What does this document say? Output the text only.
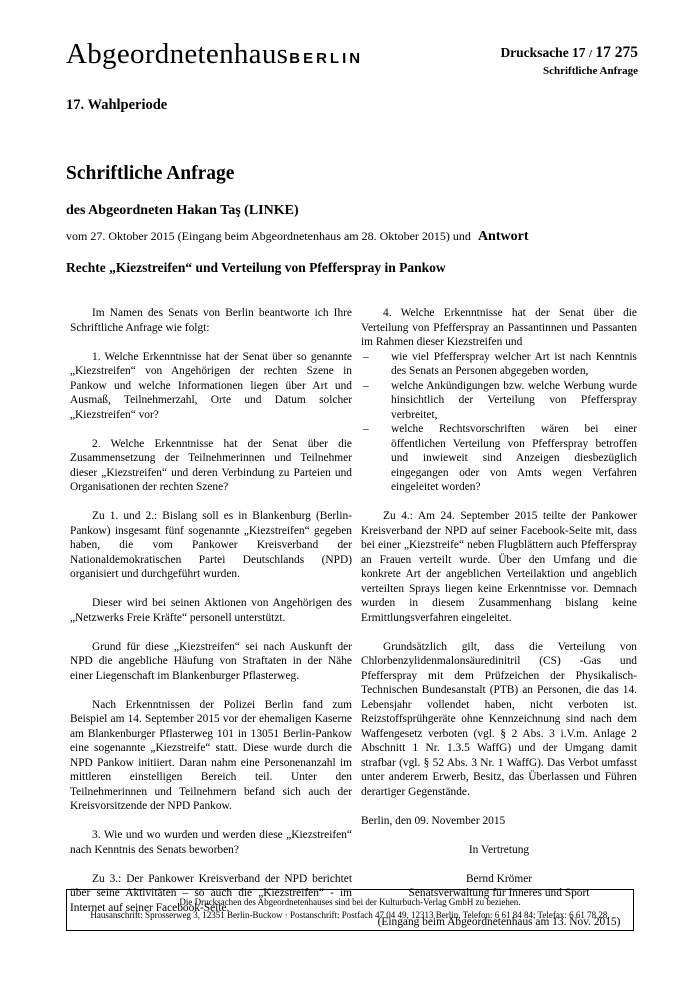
AbgeordnetenhausBERLIN	Drucksache 17 / 17 275
Schriftliche Anfrage
17. Wahlperiode
Schriftliche Anfrage
des Abgeordneten Hakan Taş (LINKE)
vom 27. Oktober 2015 (Eingang beim Abgeordnetenhaus am 28. Oktober 2015) und Antwort
Rechte „Kiezstreifen“ und Verteilung von Pfefferspray in Pankow

Im Namen des Senats von Berlin beantworte ich Ihre Schriftliche Anfrage wie folgt:

1. Welche Erkenntnisse hat der Senat über so genannte „Kiezstreifen“ von Angehörigen der rechten Szene in Pankow und welche Informationen liegen über Art und Ausmaß, Teilnehmerzahl, Orte und Datum solcher „Kiezstreifen“ vor?

2. Welche Erkenntnisse hat der Senat über die Zusammensetzung der Teilnehmerinnen und Teilnehmer dieser „Kiezstreifen“ und deren Verbindung zu Parteien und Organisationen der rechten Szene?

Zu 1. und 2.: Bislang soll es in Blankenburg (Berlin-Pankow) insgesamt fünf sogenannte „Kiezstreifen“ gegeben haben, die vom Pankower Kreisverband der Nationaldemokratischen Partei Deutschlands (NPD) organisiert und durchgeführt wurden.

Dieser wird bei seinen Aktionen von Angehörigen des „Netzwerks Freie Kräfte“ personell unterstützt.

Grund für diese „Kiezstreifen“ sei nach Auskunft der NPD die angebliche Häufung von Straftaten in der Nähe einer Liegenschaft im Blankenburger Pflasterweg.

Nach Erkenntnissen der Polizei Berlin fand zum Beispiel am 14. September 2015 vor der ehemaligen Kaserne am Blankenburger Pflasterweg 101 in 13051 Berlin-Pankow eine sogenannte „Kiezstreife“ statt. Diese wurde durch die NPD Pankow initiiert. Daran nahm eine Personenanzahl im mittleren einstelligen Bereich teil. Unter den Teilnehmerinnen und Teilnehmern befand sich auch der Kreisvorsitzende der NPD Pankow.

3. Wie und wo wurden und werden diese „Kiezstreifen“ nach Kenntnis des Senats beworben?

Zu 3.: Der Pankower Kreisverband der NPD berichtet über seine Aktivitäten – so auch die „Kiezstreifen“ - im Internet auf seiner Facebook-Seite.

4. Welche Erkenntnisse hat der Senat über die Verteilung von Pfefferspray an Passantinnen und Passanten im Rahmen dieser Kiezstreifen und

– wie viel Pfefferspray welcher Art ist nach Kenntnis des Senats an Personen abgegeben worden,
– welche Ankündigungen bzw. welche Werbung wurde hinsichtlich der Verteilung von Pfefferspray verbreitet,
– welche Rechtsvorschriften wären bei einer öffentlichen Verteilung von Pfefferspray betroffen und inwieweit sind Anzeigen diesbezüglich eingegangen oder von Amts wegen Verfahren eingeleitet worden?

Zu 4.: Am 24. September 2015 teilte der Pankower Kreisverband der NPD auf seiner Facebook-Seite mit, dass bei einer „Kiezstreife“ neben Flugblättern auch Pfefferspray an Frauen verteilt wurde. Über den Umfang und die konkrete Art der angeblichen Verteilaktion und angeblich verteilten Sprays liegen keine Erkenntnisse vor. Demnach wurden in diesem Zusammenhang bislang keine Ermittlungsverfahren eingeleitet.

Grundsätzlich gilt, dass die Verteilung von Chlorbenzylidenmalonsäuredinitril (CS) -Gas und Pfefferspray mit dem Prüfzeichen der Physikalisch-Technischen Bundesanstalt (PTB) an Personen, die das 14. Lebensjahr vollendet haben, nicht verboten ist. Reizstoffsprühgeräte ohne Kennzeichnung sind nach dem Waffengesetz verboten (vgl. § 2 Abs. 3 i.V.m. Anlage 2 Abschnitt 1 Nr. 1.3.5 WaffG) und der Umgang damit strafbar (vgl. § 52 Abs. 3 Nr. 1 WaffG). Das Verbot umfasst unter anderem Erwerb, Besitz, das Überlassen und Führen derartiger Gegenstände.

Berlin, den 09. November 2015

In Vertretung

Bernd Krömer

Senatsverwaltung für Inneres und Sport

(Eingang beim Abgeordnetenhaus am 13. Nov. 2015)

Die Drucksachen des Abgeordnetenhauses sind bei der Kulturbuch-Verlag GmbH zu beziehen.
Hausanschrift: Sprosserweg 3, 12351 Berlin-Buckow · Postanschrift: Postfach 47 04 49, 12313 Berlin, Telefon: 6 61 84 84; Telefax: 6 61 78 28.
